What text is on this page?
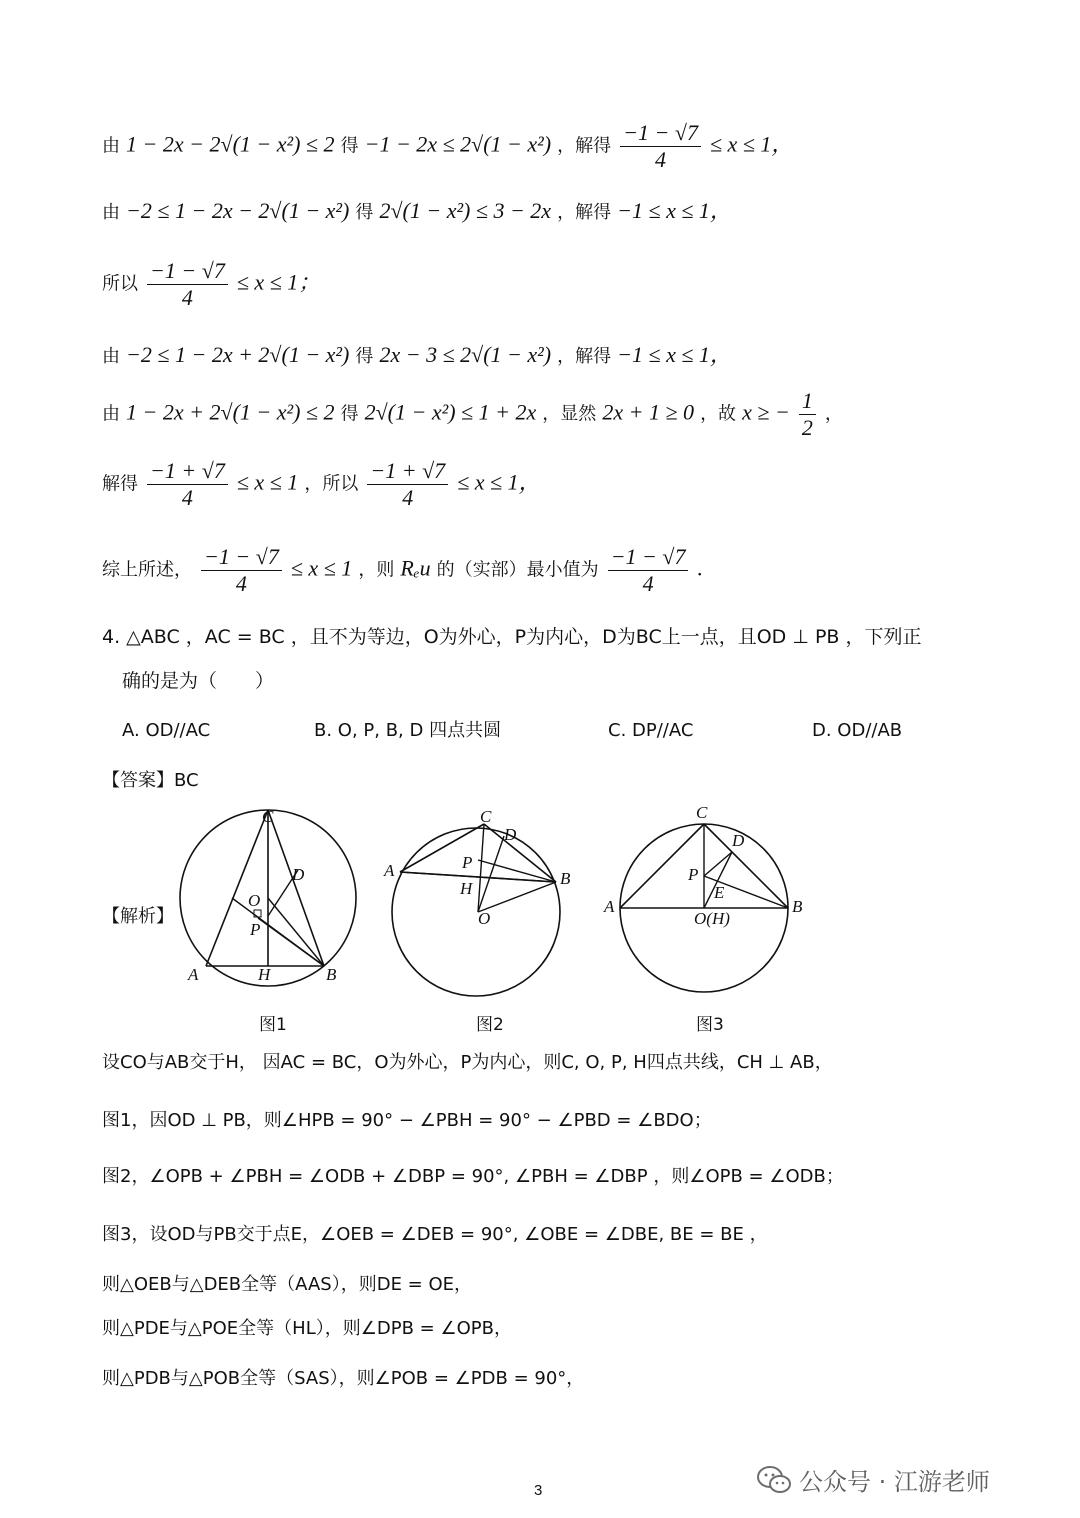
由 1 − 2x − 2√(1 − x²) ≤ 2 得 −1 − 2x ≤ 2√(1 − x²) ，解得 $\frac{-1 - √7}{4} \le x \le 1$，
由 −2 ≤ 1 − 2x − 2√(1 − x²) 得 2√(1 − x²) ≤ 3 − 2x ，解得 −1 ≤ x ≤ 1，
所以 $\frac{-1 - √7}{4} \le x \le 1$；
由 −2 ≤ 1 − 2x + 2√(1 − x²) 得 2x − 3 ≤ 2√(1 − x²) ，解得 −1 ≤ x ≤ 1，
由 1 − 2x + 2√(1 − x²) ≤ 2 得 2√(1 − x²) ≤ 1 + 2x ，显然 2x + 1 ≥ 0 ，故 x ≥ − $\frac{1}{2}$ ，
解得 $\frac{-1 + √7}{4} \le x \le 1$ ，所以 $\frac{-1 + √7}{4} \le x \le 1$，
综上所述， $\frac{-1 - √7}{4} \le x \le 1$ ，则 Rₑu 的（实部）最小值为 $\frac{-1 - √7}{4}$ .
4. △ABC ，AC = BC ，且不为等边，O为外心，P为内心，D为BC上一点，且OD ⊥ PB ，下列正
确的是为（　　）
A. OD//AC	B. O, P, B, D 四点共圆	C. DP//AC	D. OD//AB
【答案】BC
【解析】
C
D
O
P
A	H	B
图1
C
D
A	P
H
B
O
图2
C
D
P
E
A
O(H)
B
图3
设CO与AB交于H， 因AC = BC，O为外心，P为内心，则C, O, P, H四点共线，CH ⊥ AB，
图1，因OD ⊥ PB，则∠HPB = 90° − ∠PBH = 90° − ∠PBD = ∠BDO；
图2，∠OPB + ∠PBH = ∠ODB + ∠DBP = 90°, ∠PBH = ∠DBP ，则∠OPB = ∠ODB；
图3，设OD与PB交于点E，∠OEB = ∠DEB = 90°, ∠OBE = ∠DBE, BE = BE ，
则△OEB与△DEB全等（AAS），则DE = OE，
则△PDE与△POE全等（HL），则∠DPB = ∠OPB，
则△PDB与△POB全等（SAS），则∠POB = ∠PDB = 90°，
3	公众号 · 江游老师
